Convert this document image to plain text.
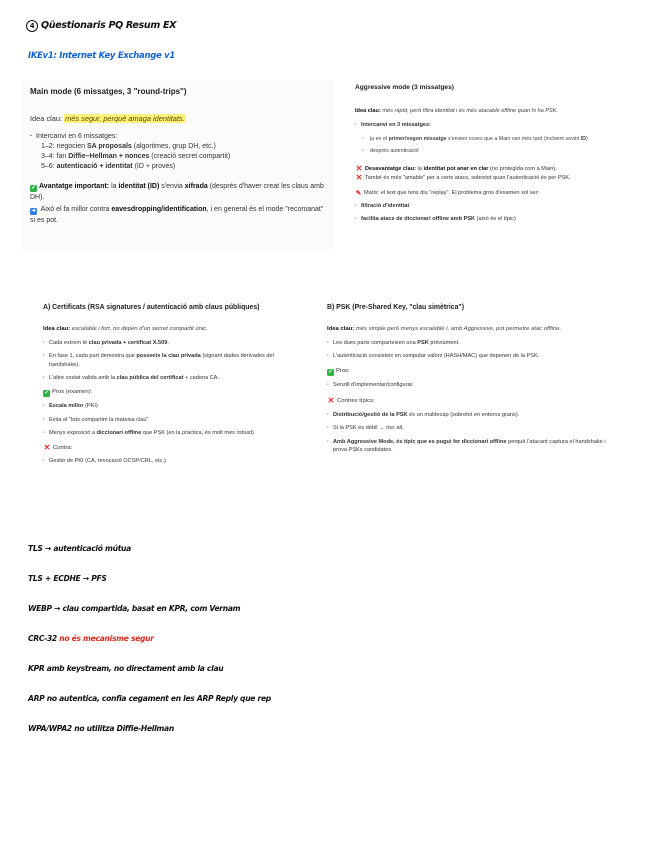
4 Qüestionaris PQ Resum EX
IKEv1: Internet Key Exchange v1
Main mode (6 missatges, 3 "round-trips")
Idea clau: més segur, perquè amaga identitats.
· Intercanvi en 6 missatges:
1–2: negocien SA proposals (algoritmes, grup DH, etc.)
3–4: fan Diffie–Hellman + nonces (creació secret compartit)
5–6: autenticació + identitat (ID + proves)
✓ Avantatge important: la identitat (ID) s'envia xifrada (després d'haver creat les claus amb DH).
➜ Això el fa millor contra eavesdropping/identification, i en general és el mode "recomanat" si es pot.
Aggressive mode (3 missatges)
Idea clau: més ràpid, però filtra identitat i és més atacable offline quan hi ha PSK.
· Intercanvi en 3 missatges:
◦ ja en el primer/segon missatge s'envien coses que a Main van més tard (incloent sovint ID)
◦ després autenticació
✕ Desavantatge clau: la identitat pot anar en clar (no protegida com a Main).
✕ També és més "amable" per a certs atacs, sobretot quan l'autenticació és per PSK.
✎ Matís: el text que tens diu "replay". El problema gros d'examen sol ser:
· filtració d'identitat
· facilita atacs de diccionari offline amb PSK (això és el típic)
A) Certificats (RSA signatures / autenticació amb claus públiques)
Idea clau: escalable i fort, no depèn d'un secret compartit únic.
· Cada extrem té clau privada + certificat X.509.
· En fase 1, cada part demostra que posseeix la clau privada (signant dades derivades del handshake).
· L'altre costat valida amb la clau pública del certificat + cadena CA.
✓ Pros (examen):
· Escala millor (PKI)
· Evita el "tots compartim la mateixa clau"
· Menys exposició a diccionari offline que PSK (en la pràctica, és molt més robust)
✕ Contra:
· Gestió de PKI (CA, revocació OCSP/CRL, etc.)
B) PSK (Pre-Shared Key, "clau simètrica")
Idea clau: més simple però menys escalable i, amb Aggressive, pot permetre atac offline.
· Les dues parts comparteixen una PSK prèviament.
· L'autenticació consisteix en computar valors (HASH/MAC) que depenen de la PSK.
✓ Pros:
· Senzill d'implementar/configurar.
✕ Contres típics:
· Distribució/gestió de la PSK és un maldecap (sobretot en entorns grans).
· Si la PSK és dèbil → risc alt.
· Amb Aggressive Mode, és típic que es pugui fer diccionari offline perquè l'atacant captura el handshake i prova PSKs candidates.
TLS → autenticació mútua
TLS + ECDHE → PFS
WEBP → clau compartida, basat en KPR, com Vernam
CRC-32 no és mecanisme segur
KPR amb keystream, no directament amb la clau
ARP no autentica, confia cegament en les ARP Reply que rep
WPA/WPA2 no utilitza Diffie-Hellman
